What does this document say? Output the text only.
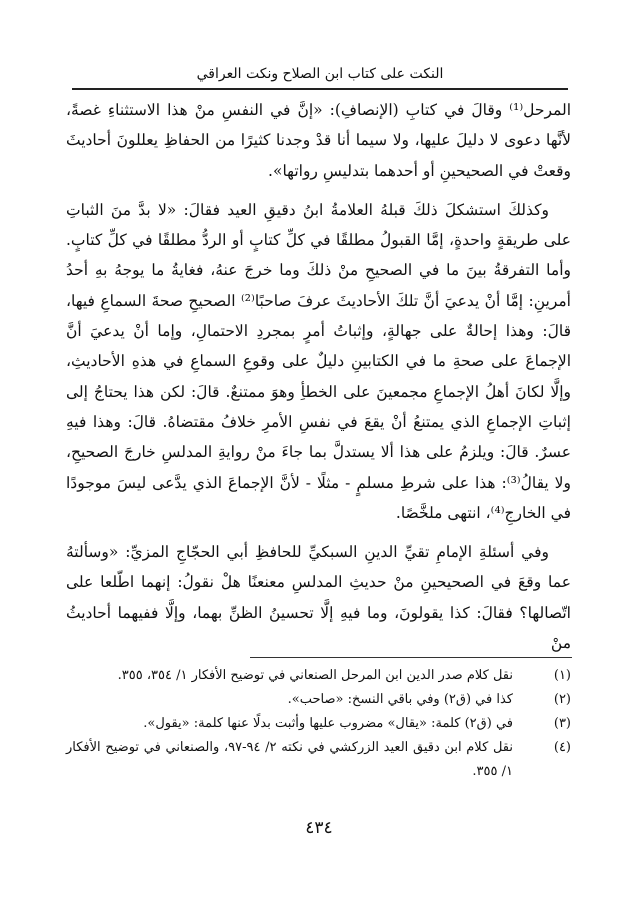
النكت على كتاب ابن الصلاح ونكت العراقي

المرحل⁽¹⁾ وقالَ في كتابِ (الإنصافِ): «إنَّ في النفسِ منْ هذا الاستثناءِ غصةً، لأنَّها دعوى لا دليلَ عليها، ولا سيما أنا قدْ وجدنا كثيرًا من الحفاظِ يعللونَ أحاديثَ وقعتْ في الصحيحينِ أو أحدهما بتدليسِ رواتها».

وكذلكَ استشكلَ ذلكَ قبلهُ العلامةُ ابنُ دقيقِ العيد فقالَ: «لا بدَّ منَ الثباتِ على طريقةٍ واحدةٍ، إمَّا القبولُ مطلقًا في كلِّ كتابٍ أو الردُّ مطلقًا في كلِّ كتابٍ. وأما التفرقةُ بينَ ما في الصحيحِ منْ ذلكَ وما خرجَ عنهُ، فغايةُ ما يوجهُ بهِ أحدُ أمرينِ: إمَّا أنْ يدعيَ أنَّ تلكَ الأحاديثَ عرفَ صاحبًا⁽²⁾ الصحيحِ صحةَ السماعِ فيها، قالَ: وهذا إحالةٌ على جهالةٍ، وإثباتُ أمرٍ بمجردِ الاحتمالِ، وإما أنْ يدعيَ أنَّ الإجماعَ على صحةِ ما في الكتابينِ دليلٌ على وقوعِ السماعِ في هذهِ الأحاديثِ، وإلَّا لكانَ أهلُ الإجماعِ مجمعينَ على الخطأِ وهوَ ممتنعٌ. قالَ: لكن هذا يحتاجُ إلى إثباتِ الإجماعِ الذي يمتنعُ أنْ يقعَ في نفسِ الأمرِ خلافُ مقتضاهُ. قالَ: وهذا فيهِ عسرٌ. قالَ: ويلزمُ على هذا ألا يستدلَّ بما جاءَ منْ روايةِ المدلسِ خارجَ الصحيحِ، ولا يقالُ⁽³⁾: هذا على شرطِ مسلمٍ - مثلًا - لأنَّ الإجماعَ الذي يدَّعى ليسَ موجودًا في الخارجِ⁽⁴⁾، انتهى ملخَّصًا.

وفي أسئلةِ الإمامِ تقيِّ الدينِ السبكيِّ للحافظِ أبي الحجّاجِ المزيِّ: «وسألتهُ عما وقعَ في الصحيحينِ منْ حديثِ المدلسِ معنعنًا هلْ نقولُ: إنهما اطّلعا على اتّصالها؟ فقالَ: كذا يقولونَ، وما فيهِ إلَّا تحسينُ الظنِّ بهما، وإلَّا ففيهما أحاديثُ منْ

(١)
نقل كلام صدر الدين ابن المرحل الصنعاني في توضيح الأفكار ١/ ٣٥٤، ٣٥٥.
(٢)
كذا في (ق٢) وفي باقي النسخ: «صاحب».
(٣)
في (ق٢) كلمة: «يقال» مضروب عليها وأثبت بدلًا عنها كلمة: «يقول».
(٤)
نقل كلام ابن دقيق العيد الزركشي في نكته ٢/ ٩٤-٩٧، والصنعاني في توضيح الأفكار ١/ ٣٥٥.
٤٣٤
